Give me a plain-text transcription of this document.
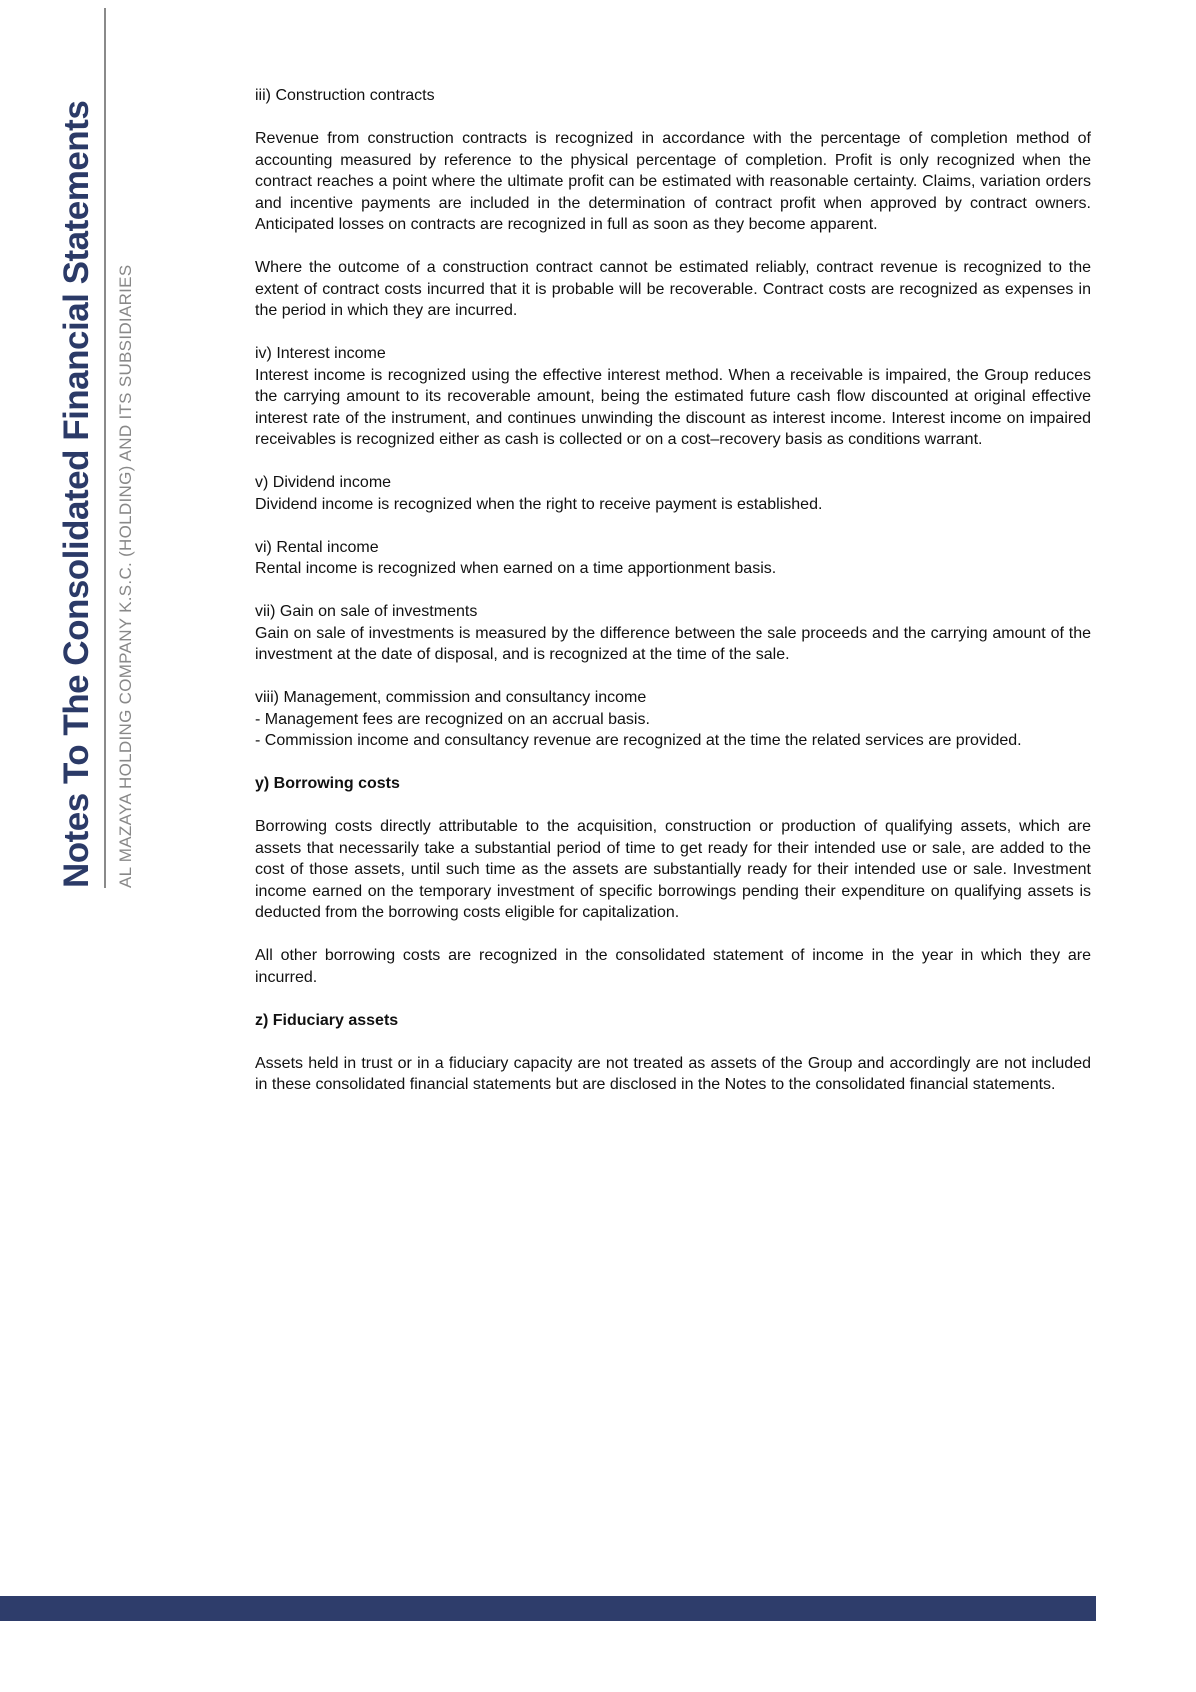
Notes To The Consolidated Financial Statements AL MAZAYA HOLDING COMPANY K.S.C. (HOLDING) AND ITS SUBSIDIARIES

iii) Construction contracts

Revenue from construction contracts is recognized in accordance with the percentage of completion method of accounting measured by reference to the physical percentage of completion. Profit is only recognized when the contract reaches a point where the ultimate profit can be estimated with reasonable certainty. Claims, variation orders and incentive payments are included in the determination of contract profit when approved by contract owners. Anticipated losses on contracts are recognized in full as soon as they become apparent.

Where the outcome of a construction contract cannot be estimated reliably, contract revenue is recognized to the extent of contract costs incurred that it is probable will be recoverable. Contract costs are recognized as expenses in the period in which they are incurred.

iv) Interest income

Interest income is recognized using the effective interest method. When a receivable is impaired, the Group reduces the carrying amount to its recoverable amount, being the estimated future cash flow discounted at original effective interest rate of the instrument, and continues unwinding the discount as interest income. Interest income on impaired receivables is recognized either as cash is collected or on a cost–recovery basis as conditions warrant.

v) Dividend income

Dividend income is recognized when the right to receive payment is established.

vi) Rental income

Rental income is recognized when earned on a time apportionment basis.

vii) Gain on sale of investments

Gain on sale of investments is measured by the difference between the sale proceeds and the carrying amount of the investment at the date of disposal, and is recognized at the time of the sale.

viii) Management, commission and consultancy income

- Management fees are recognized on an accrual basis.

- Commission income and consultancy revenue are recognized at the time the related services are provided.

y) Borrowing costs

Borrowing costs directly attributable to the acquisition, construction or production of qualifying assets, which are assets that necessarily take a substantial period of time to get ready for their intended use or sale, are added to the cost of those assets, until such time as the assets are substantially ready for their intended use or sale. Investment income earned on the temporary investment of specific borrowings pending their expenditure on qualifying assets is deducted from the borrowing costs eligible for capitalization.

All other borrowing costs are recognized in the consolidated statement of income in the year in which they are incurred.

z) Fiduciary assets

Assets held in trust or in a fiduciary capacity are not treated as assets of the Group and accordingly are not included in these consolidated financial statements but are disclosed in the Notes to the consolidated financial statements.
